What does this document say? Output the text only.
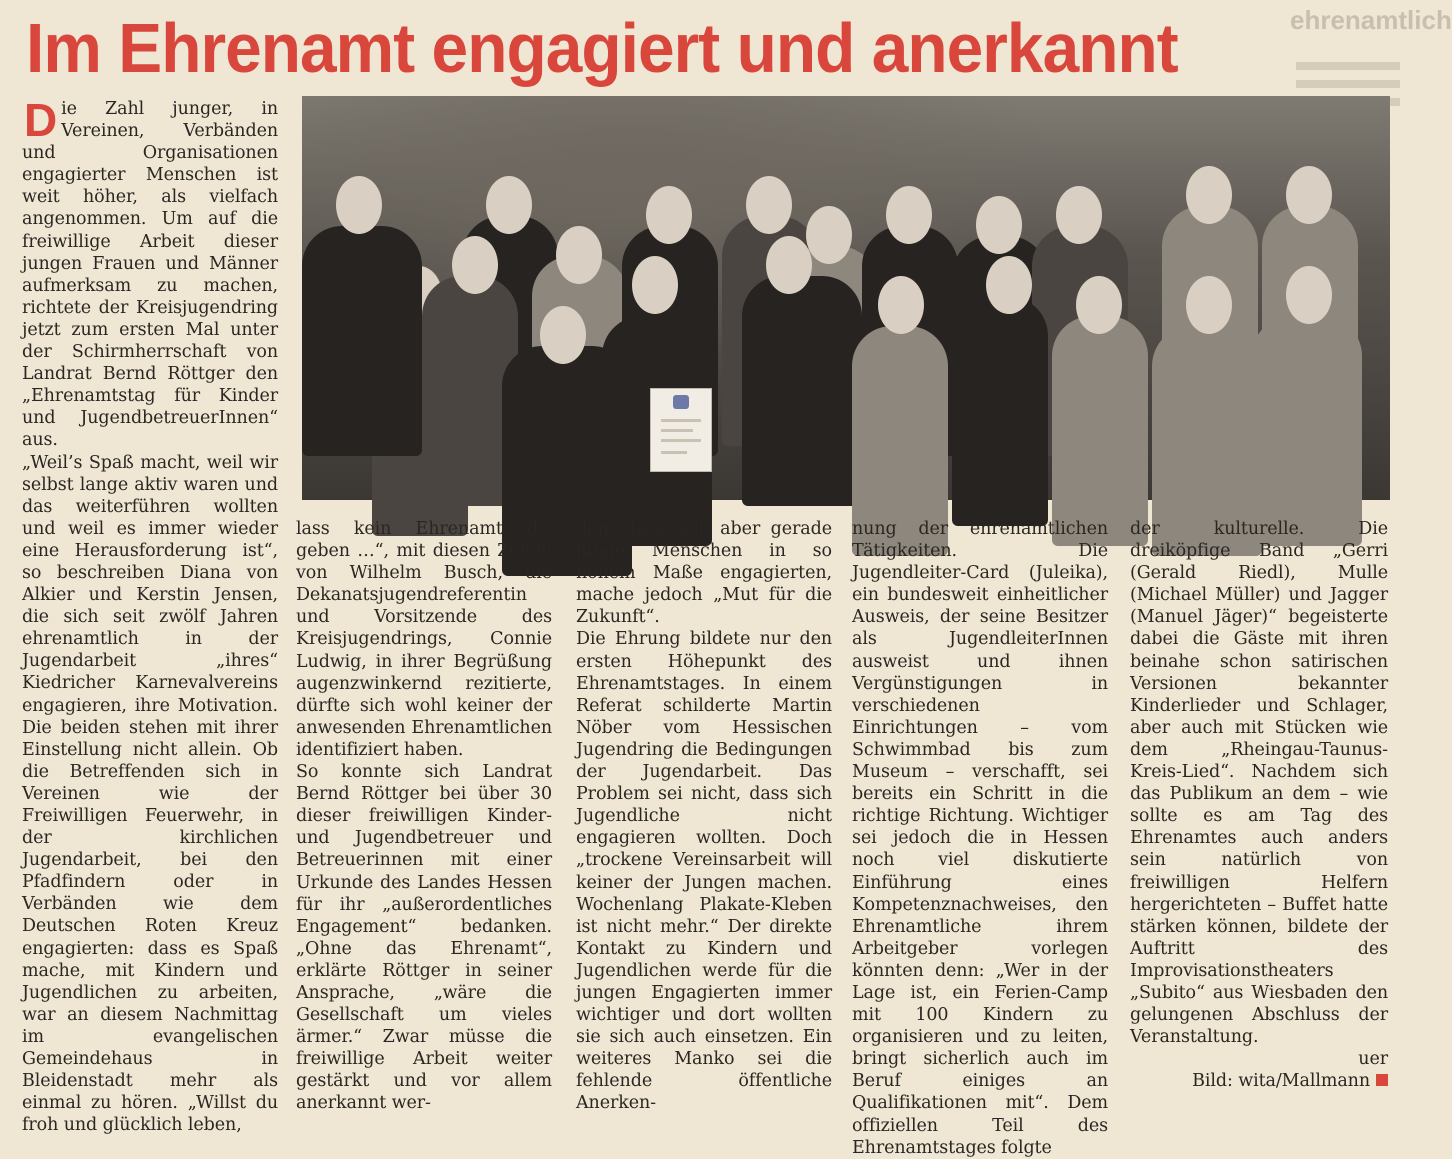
Im Ehrenamt engagiert und anerkannt	ehrenamtlich

Die Zahl junger, in Vereinen, Verbänden und Organisationen engagierter Menschen ist weit höher, als vielfach angenommen. Um auf die freiwillige Arbeit dieser jungen Frauen und Männer aufmerksam zu machen, richtete der Kreisjugendring jetzt zum ersten Mal unter der Schirmherrschaft von Landrat Bernd Röttger den „Ehrenamtstag für Kinder und JugendbetreuerInnen“ aus.

„Weil’s Spaß macht, weil wir selbst lange aktiv waren und das weiterführen wollten und weil es immer wieder eine Herausforderung ist“, so beschreiben Diana von Alkier und Kerstin Jensen, die sich seit zwölf Jahren ehrenamtlich in der Jugendarbeit „ihres“ Kiedricher Karnevalvereins engagieren, ihre Motivation. Die beiden stehen mit ihrer Einstellung nicht allein. Ob die Betreffenden sich in Vereinen wie der Freiwilligen Feuerwehr, in der kirchlichen Jugendarbeit, bei den Pfadfindern oder in Verbänden wie dem Deutschen Roten Kreuz engagierten: dass es Spaß mache, mit Kindern und Jugendlichen zu arbeiten, war an diesem Nachmittag im evangelischen Gemeindehaus in Bleidenstadt mehr als einmal zu hören. „Willst du froh und glücklich leben,

lass kein Ehrenamt dir geben …“, mit diesen Zeilen von Wilhelm Busch, die Dekanatsjugendreferentin und Vorsitzende des Kreisjugendrings, Connie Ludwig, in ihrer Begrüßung augenzwinkernd rezitierte, dürfte sich wohl keiner der anwesenden Ehrenamtlichen identifiziert haben.

So konnte sich Landrat Bernd Röttger bei über 30 dieser freiwilligen Kinder- und Jugendbetreuer und Betreuerinnen mit einer Urkunde des Landes Hessen für ihr „außerordentliches Engagement“ bedanken. „Ohne das Ehrenamt“, erklärte Röttger in seiner Ansprache, „wäre die Gesellschaft um vieles ärmer.“ Zwar müsse die freiwillige Arbeit weiter gestärkt und vor allem anerkannt wer-

den, dass sich aber gerade junge Menschen in so hohem Maße engagierten, mache jedoch „Mut für die Zukunft“.

Die Ehrung bildete nur den ersten Höhepunkt des Ehrenamtstages. In einem Referat schilderte Martin Nöber vom Hessischen Jugendring die Bedingungen der Jugendarbeit. Das Problem sei nicht, dass sich Jugendliche nicht engagieren wollten. Doch „trockene Vereinsarbeit will keiner der Jungen machen. Wochenlang Plakate-Kleben ist nicht mehr.“ Der direkte Kontakt zu Kindern und Jugendlichen werde für die jungen Engagierten immer wichtiger und dort wollten sie sich auch einsetzen. Ein weiteres Manko sei die fehlende öffentliche Anerken-

nung der ehrenamtlichen Tätigkeiten. Die Jugendleiter-Card (Juleika), ein bundesweit einheitlicher Ausweis, der seine Besitzer als JugendleiterInnen ausweist und ihnen Vergünstigungen in verschiedenen Einrichtungen – vom Schwimmbad bis zum Museum – verschafft, sei bereits ein Schritt in die richtige Richtung. Wichtiger sei jedoch die in Hessen noch viel diskutierte Einführung eines Kompetenznachweises, den Ehrenamtliche ihrem Arbeitgeber vorlegen könnten denn: „Wer in der Lage ist, ein Ferien-Camp mit 100 Kindern zu organisieren und zu leiten, bringt sicherlich auch im Beruf einiges an Qualifikationen mit“. Dem offiziellen Teil des Ehrenamtstages folgte

der kulturelle. Die dreiköpfige Band „Gerri (Gerald Riedl), Mulle (Michael Müller) und Jagger (Manuel Jäger)“ begeisterte dabei die Gäste mit ihren beinahe schon satirischen Versionen bekannter Kinderlieder und Schlager, aber auch mit Stücken wie dem „Rheingau-Taunus-Kreis-Lied“. Nachdem sich das Publikum an dem – wie sollte es am Tag des Ehrenamtes auch anders sein natürlich von freiwilligen Helfern hergerichteten – Buffet hatte stärken können, bildete der Auftritt des Improvisationstheaters „Subito“ aus Wiesbaden den gelungenen Abschluss der Veranstaltung.

uer

Bild: wita/Mallmann
